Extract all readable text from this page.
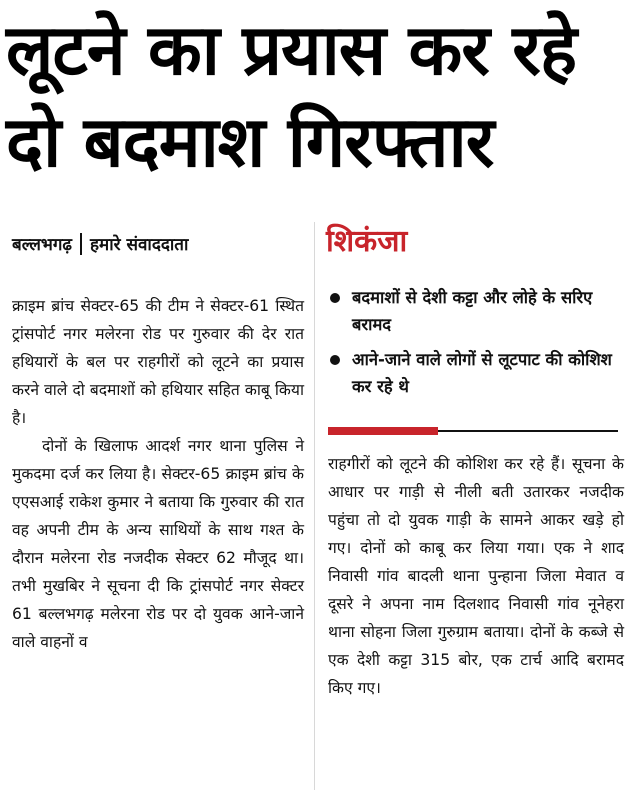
लूटने का प्रयास कर रहे
दो बदमाश गिरफ्तार
बल्लभगढ़ हमारे संवाददाता

क्राइम ब्रांच सेक्टर-65 की टीम ने सेक्टर-61 स्थित ट्रांसपोर्ट नगर मलेरना रोड पर गुरुवार की देर रात हथियारों के बल पर राहगीरों को लूटने का प्रयास करने वाले दो बदमाशों को हथियार सहित काबू किया है।

दोनों के खिलाफ आदर्श नगर थाना पुलिस ने मुकदमा दर्ज कर लिया है। सेक्टर-65 क्राइम ब्रांच के एएसआई राकेश कुमार ने बताया कि गुरुवार की रात वह अपनी टीम के अन्य साथियों के साथ गश्त के दौरान मलेरना रोड नजदीक सेक्टर 62 मौजूद था। तभी मुखबिर ने सूचना दी कि ट्रांसपोर्ट नगर सेक्टर 61 बल्लभगढ़ मलेरना रोड पर दो युवक आने-जाने वाले वाहनों व

शिकंजा
बदमाशों से देशी कट्टा और लोहे के सरिए बरामद
आने-जाने वाले लोगों से लूटपाट की कोशिश कर रहे थे

राहगीरों को लूटने की कोशिश कर रहे हैं। सूचना के आधार पर गाड़ी से नीली बती उतारकर नजदीक पहुंचा तो दो युवक गाड़ी के सामने आकर खड़े हो गए। दोनों को काबू कर लिया गया। एक ने शाद निवासी गांव बादली थाना पुन्हाना जिला मेवात व दूसरे ने अपना नाम दिलशाद निवासी गांव नूनेहरा थाना सोहना जिला गुरुग्राम बताया। दोनों के कब्जे से एक देशी कट्टा 315 बोर, एक टार्च आदि बरामद किए गए।
